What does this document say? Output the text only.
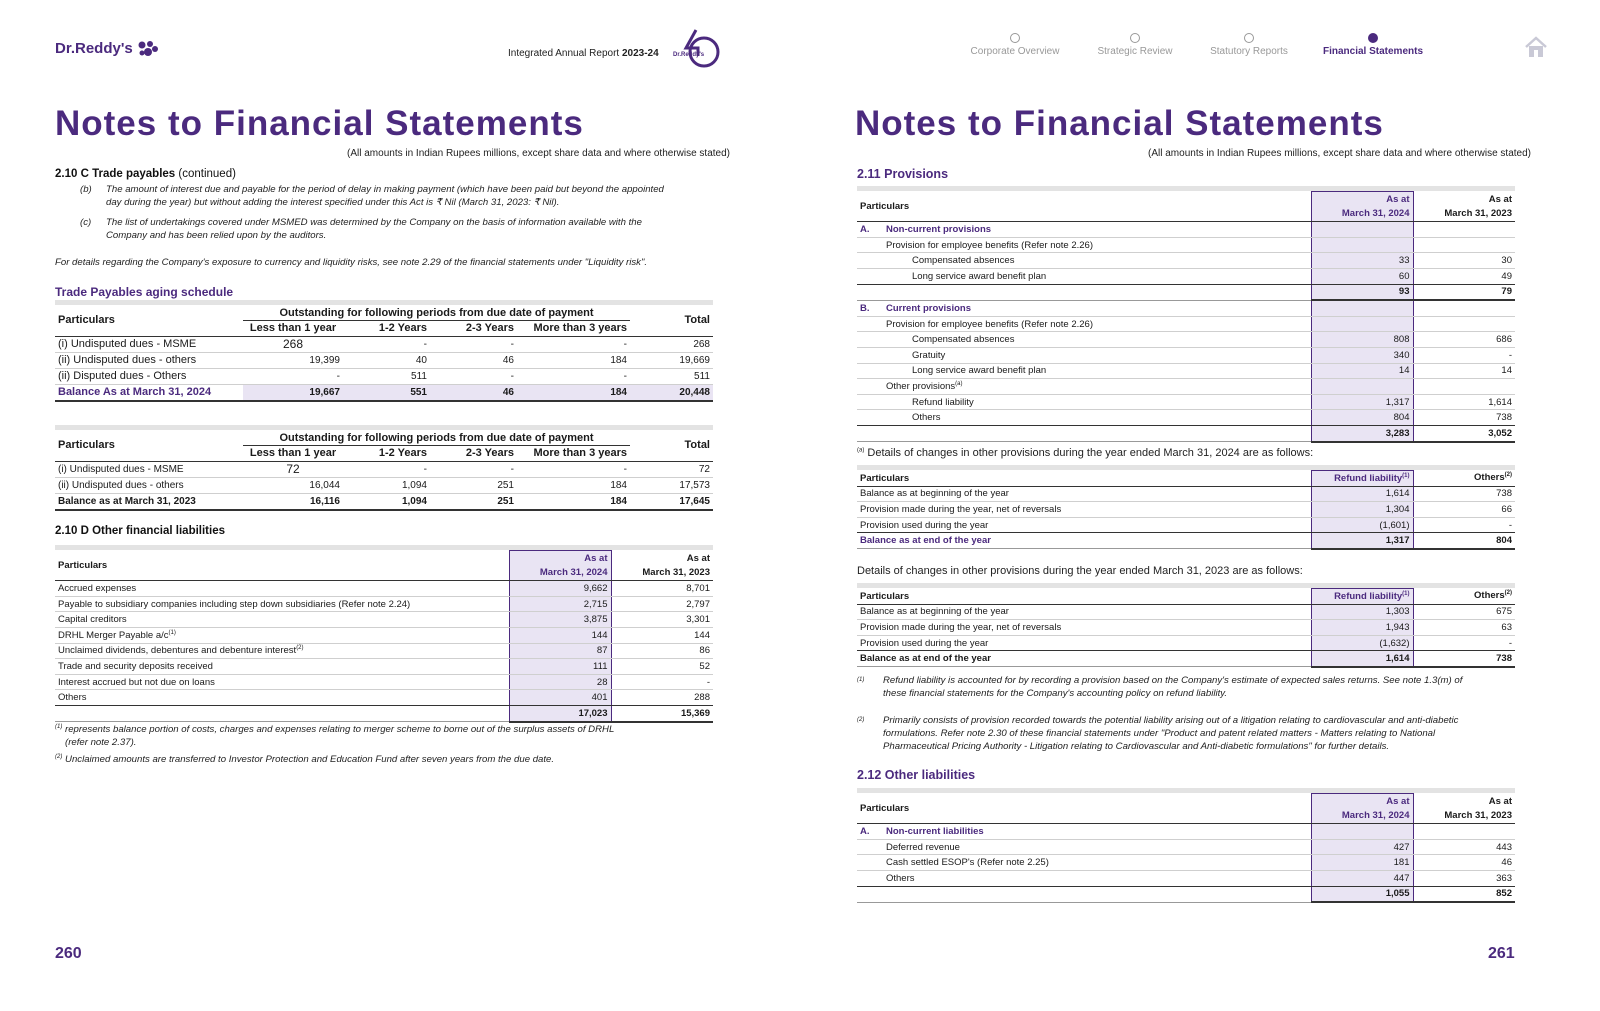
Dr.Reddy's	Integrated Annual Report 2023-24 Dr.Reddy's
Notes to Financial Statements
(All amounts in Indian Rupees millions, except share data and where otherwise stated)
2.10 C Trade payables (continued)
(b) The amount of interest due and payable for the period of delay in making payment (which have been paid but beyond the appointed
day during the year) but without adding the interest specified under this Act is ₹ Nil (March 31, 2023: ₹ Nil).
(c) The list of undertakings covered under MSMED was determined by the Company on the basis of information available with the
Company and has been relied upon by the auditors.
For details regarding the Company's exposure to currency and liquidity risks, see note 2.29 of the financial statements under "Liquidity risk".
Trade Payables aging schedule
Particulars	Outstanding for following periods from due date of payment				Total
	Less than 1 year	1-2 Years	2-3 Years	More than 3 years	
(i) Undisputed dues - MSME	268	-	-	-	268
(ii) Undisputed dues - others	19,399	40	46	184	19,669
(ii) Disputed dues - Others	-	511	-	-	511
Balance As at March 31, 2024	19,667	551	46	184	20,448
Particulars	Outstanding for following periods from due date of payment				Total
	Less than 1 year	1-2 Years	2-3 Years	More than 3 years	
(i) Undisputed dues - MSME	72	-	-	-	72
(ii) Undisputed dues - others	16,044	1,094	251	184	17,573
Balance as at March 31, 2023	16,116	1,094	251	184	17,645
2.10 D Other financial liabilities
Particulars	As at	As at
	March 31, 2024	March 31, 2023
Accrued expenses	9,662	8,701
Payable to subsidiary companies including step down subsidiaries (Refer note 2.24)	2,715	2,797
Capital creditors	3,875	3,301
DRHL Merger Payable $a/c^{(1)}$	144	144
Unclaimed dividends, debentures and debenture interest$^{(2)}$	87	86
Trade and security deposits received	111	52
Interest accrued but not due on loans	28	-
Others	401	288
	17,023	15,369
$^{(1)}$ represents balance portion of costs, charges and expenses relating to merger scheme to borne out of the surplus assets of DRHL
(refer note 2.37).
$^{(2)}$ Unclaimed amounts are transferred to Investor Protection and Education Fund after seven years from the due date.
260
Corporate Overview	Strategic Review	Statutory Reports	Financial Statements
Notes to Financial Statements
(All amounts in Indian Rupees millions, except share data and where otherwise stated)
2.11 Provisions
Particulars			As at	As at
			March 31, 2024	March 31, 2023
A.	Non-current provisions			
	Provision for employee benefits (Refer note 2.26)			
		Compensated absences	33	30
		Long service award benefit plan	60	49
			93	79
B.	Current provisions			
	Provision for employee benefits (Refer note 2.26)			
		Compensated absences	808	686
		Gratuity	340	-
		Long service award benefit plan	14	14
	Other provisions$^{(a)}$		
		Refund liability	1,317	1,614
		Others	804	738
			3,283	3,052
$^{(a)}$ Details of changes in other provisions during the year ended March 31, 2024 are as follows:
Particulars	Refund liability$^{(1)}$	Others$^{(2)}$
Balance as at beginning of the year	1,614	738
Provision made during the year, net of reversals	1,304	66
Provision used during the year	(1,601)	-
Balance as at end of the year	1,317	804
Details of changes in other provisions during the year ended March 31, 2023 are as follows:
Particulars	Refund liability$^{(1)}$	Others$^{(2)}$
Balance as at beginning of the year	1,303	675
Provision made during the year, net of reversals	1,943	63
Provision used during the year	(1,632)	-
Balance as at end of the year	1,614	738
(1) Refund liability is accounted for by recording a provision based on the Company's estimate of expected sales returns. See note 1.3(m) of
these financial statements for the Company's accounting policy on refund liability.
(2) Primarily consists of provision recorded towards the potential liability arising out of a litigation relating to cardiovascular and anti-diabetic
formulations. Refer note 2.30 of these financial statements under "Product and patent related matters - Matters relating to National
Pharmaceutical Pricing Authority - Litigation relating to Cardiovascular and Anti-diabetic formulations" for further details.
2.12 Other liabilities
Particulars		As at	As at
		March 31, 2024	March 31, 2023
A.	Non-current liabilities		
	Deferred revenue	427	443
	Cash settled ESOP's (Refer note 2.25)	181	46
	Others	447	363
		1,055	852
261
